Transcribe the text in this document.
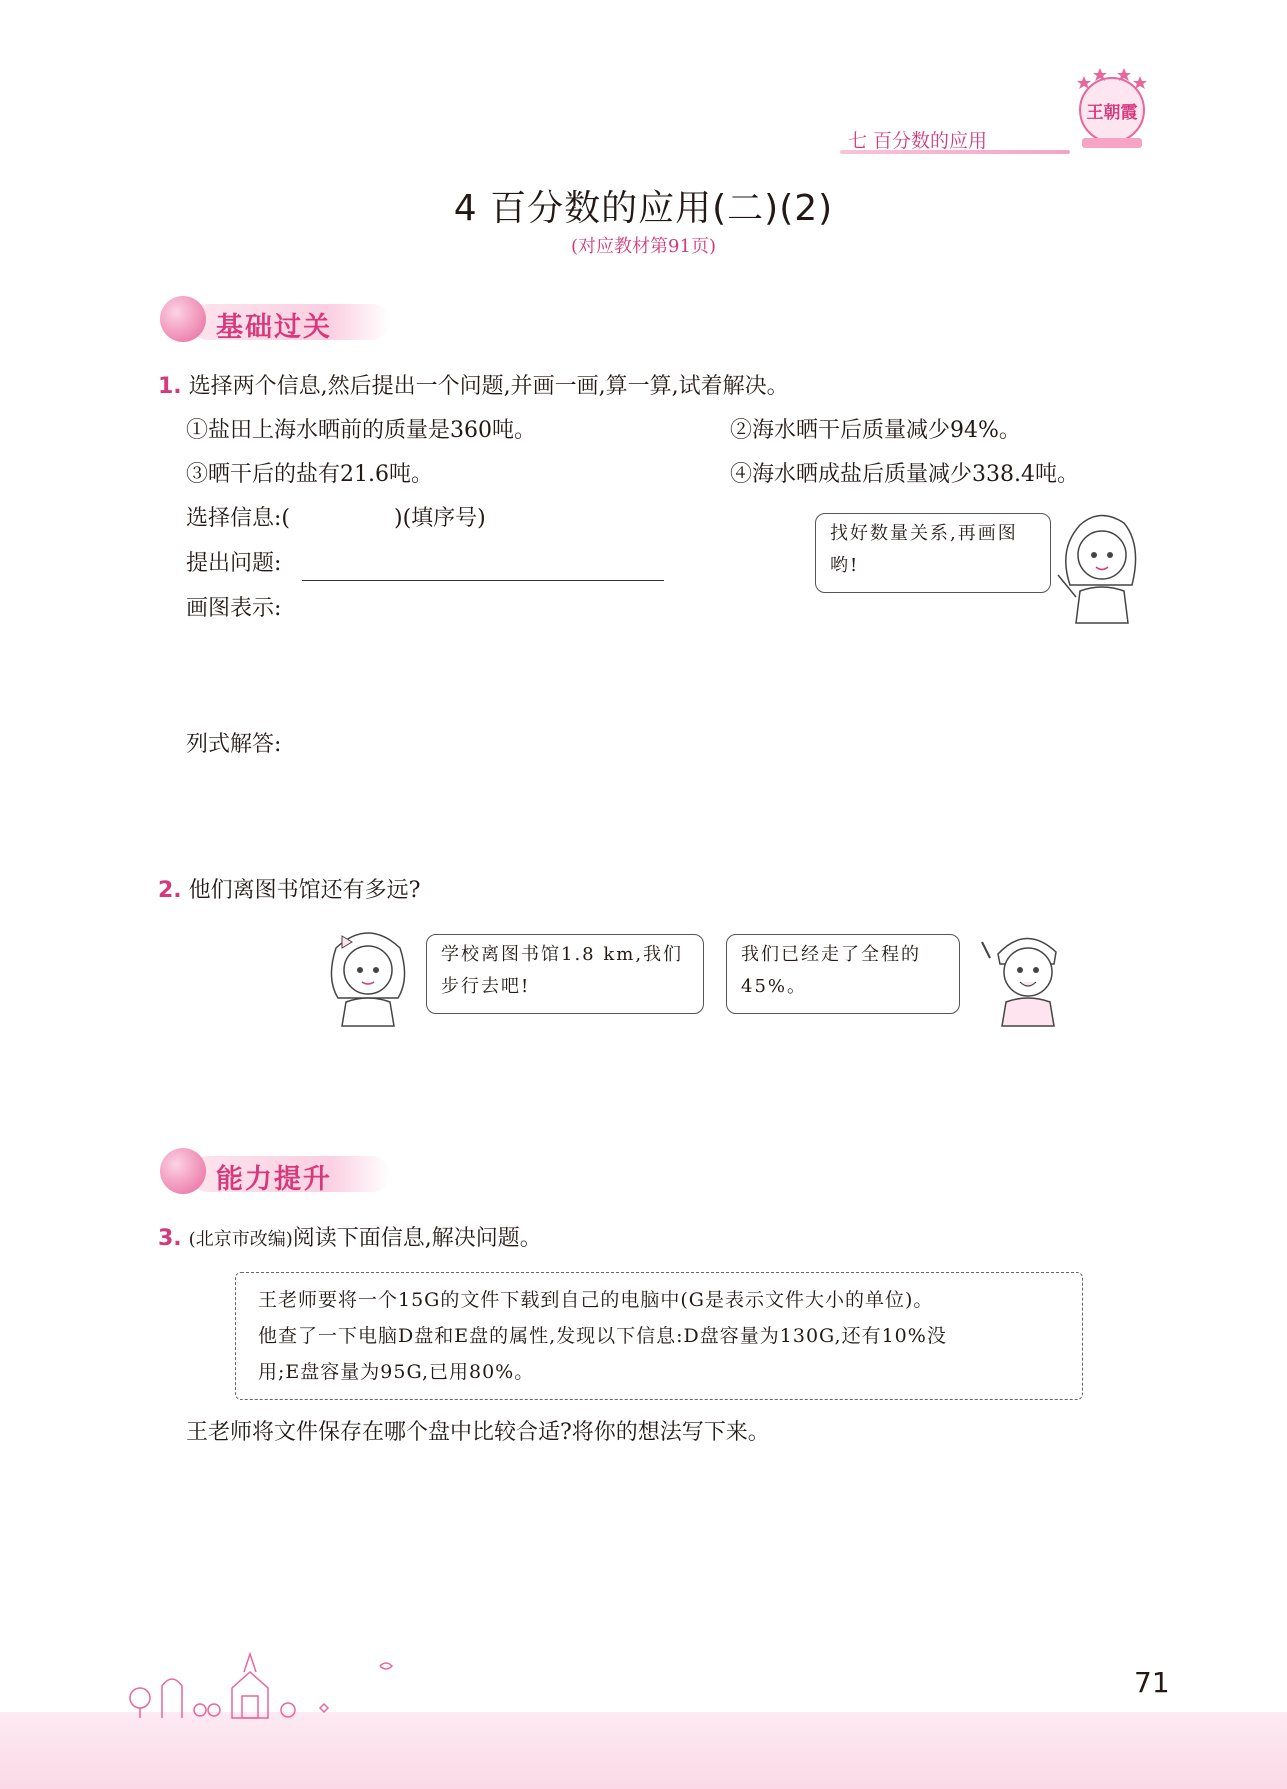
七 百分数的应用
王朝霞
4 百分数的应用(二)(2)
(对应教材第91页)
基础过关
1. 选择两个信息,然后提出一个问题,并画一画,算一算,试着解决。
①盐田上海水晒前的质量是360吨。	②海水晒干后质量减少94%。
③晒干后的盐有21.6吨。	④海水晒成盐后质量减少338.4吨。
选择信息:(	)(填序号)
提出问题:
画图表示:
列式解答:
找好数量关系,再画图哟!
2. 他们离图书馆还有多远?
学校离图书馆1.8 km,我们步行去吧!
我们已经走了全程的45%。
能力提升
3. (北京市改编)阅读下面信息,解决问题。
王老师要将一个15G的文件下载到自己的电脑中(G是表示文件大小的单位)。
他查了一下电脑D盘和E盘的属性,发现以下信息:D盘容量为130G,还有10%没
用;E盘容量为95G,已用80%。
王老师将文件保存在哪个盘中比较合适?将你的想法写下来。
71
